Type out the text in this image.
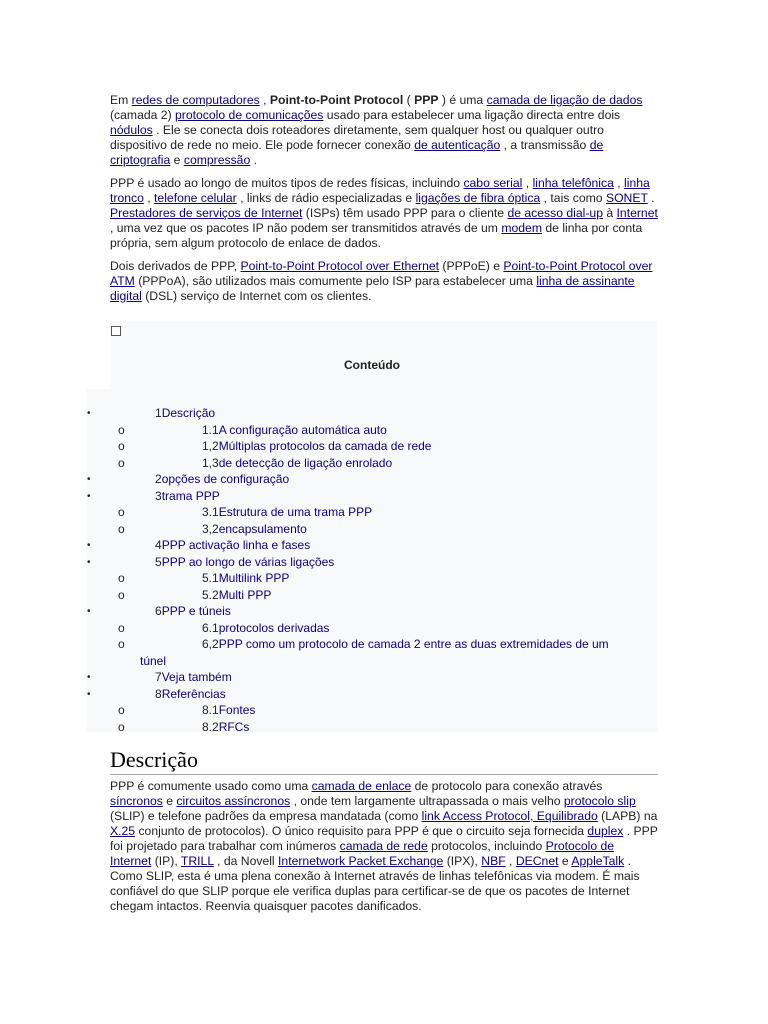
Em redes de computadores , Point-to-Point Protocol ( PPP ) é uma camada de ligação de dados (camada 2) protocolo de comunicações usado para estabelecer uma ligação directa entre dois nódulos . Ele se conecta dois roteadores diretamente, sem qualquer host ou qualquer outro dispositivo de rede no meio. Ele pode fornecer conexão de autenticação , a transmissão de criptografia e compressão .

PPP é usado ao longo de muitos tipos de redes físicas, incluindo cabo serial , linha telefônica , linha tronco , telefone celular , links de rádio especializadas e ligações de fibra óptica , tais como SONET . Prestadores de serviços de Internet (ISPs) têm usado PPP para o cliente de acesso dial-up à Internet , uma vez que os pacotes IP não podem ser transmitidos através de um modem de linha por conta própria, sem algum protocolo de enlace de dados.

Dois derivados de PPP, Point-to-Point Protocol over Ethernet (PPPoE) e Point-to-Point Protocol over ATM (PPPoA), são utilizados mais comumente pelo ISP para estabelecer uma linha de assinante digital (DSL) serviço de Internet com os clientes.

Conteúdo
•	1Descrição
o	1.1A configuração automática auto
o	1,2Múltiplas protocolos da camada de rede
o	1,3de detecção de ligação enrolado
•	2opções de configuração
•	3trama PPP
o	3.1Estrutura de uma trama PPP
o	3,2encapsulamento
•	4PPP activação linha e fases
•	5PPP ao longo de várias ligações
o	5.1Multilink PPP
o	5.2Multi PPP
•	6PPP e túneis
o	6.1protocolos derivadas
o	6,2PPP como um protocolo de camada 2 entre as duas extremidades de um
túnel
•	7Veja também
•	8Referências
o	8.1Fontes
o	8.2RFCs
Descrição

PPP é comumente usado como uma camada de enlace de protocolo para conexão através síncronos e circuitos assíncronos , onde tem largamente ultrapassada o mais velho protocolo slip (SLIP) e telefone padrões da empresa mandatada (como link Access Protocol, Equilibrado (LAPB) na X.25 conjunto de protocolos). O único requisito para PPP é que o circuito seja fornecida duplex . PPP foi projetado para trabalhar com inúmeros camada de rede protocolos, incluindo Protocolo de Internet (IP), TRILL , da Novell Internetwork Packet Exchange (IPX), NBF , DECnet e AppleTalk . Como SLIP, esta é uma plena conexão à Internet através de linhas telefônicas via modem. É mais confiável do que SLIP porque ele verifica duplas para certificar-se de que os pacotes de Internet chegam intactos. Reenvia quaisquer pacotes danificados.
